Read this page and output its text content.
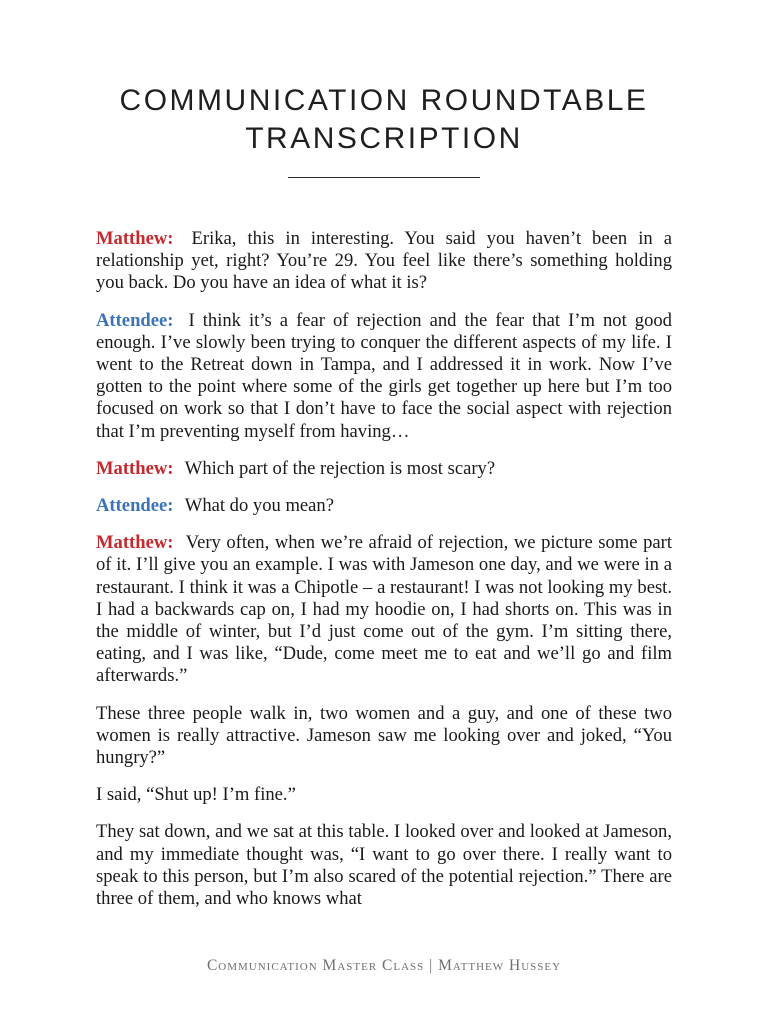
COMMUNICATION ROUNDTABLE
TRANSCRIPTION

Matthew: Erika, this in interesting. You said you haven’t been in a relationship yet, right? You’re 29. You feel like there’s something holding you back. Do you have an idea of what it is?

Attendee: I think it’s a fear of rejection and the fear that I’m not good enough. I’ve slowly been trying to conquer the different aspects of my life. I went to the Retreat down in Tampa, and I addressed it in work. Now I’ve gotten to the point where some of the girls get together up here but I’m too focused on work so that I don’t have to face the social aspect with rejection that I’m preventing myself from having…

Matthew: Which part of the rejection is most scary?

Attendee: What do you mean?

Matthew: Very often, when we’re afraid of rejection, we picture some part of it. I’ll give you an example. I was with Jameson one day, and we were in a restaurant. I think it was a Chipotle – a restaurant! I was not looking my best. I had a backwards cap on, I had my hoodie on, I had shorts on. This was in the middle of winter, but I’d just come out of the gym. I’m sitting there, eating, and I was like, “Dude, come meet me to eat and we’ll go and film afterwards.”

These three people walk in, two women and a guy, and one of these two women is really attractive. Jameson saw me looking over and joked, “You hungry?”

I said, “Shut up! I’m fine.”

They sat down, and we sat at this table. I looked over and looked at Jameson, and my immediate thought was, “I want to go over there. I really want to speak to this person, but I’m also scared of the potential rejection.” There are three of them, and who knows what

Communication Master Class | Matthew Hussey
